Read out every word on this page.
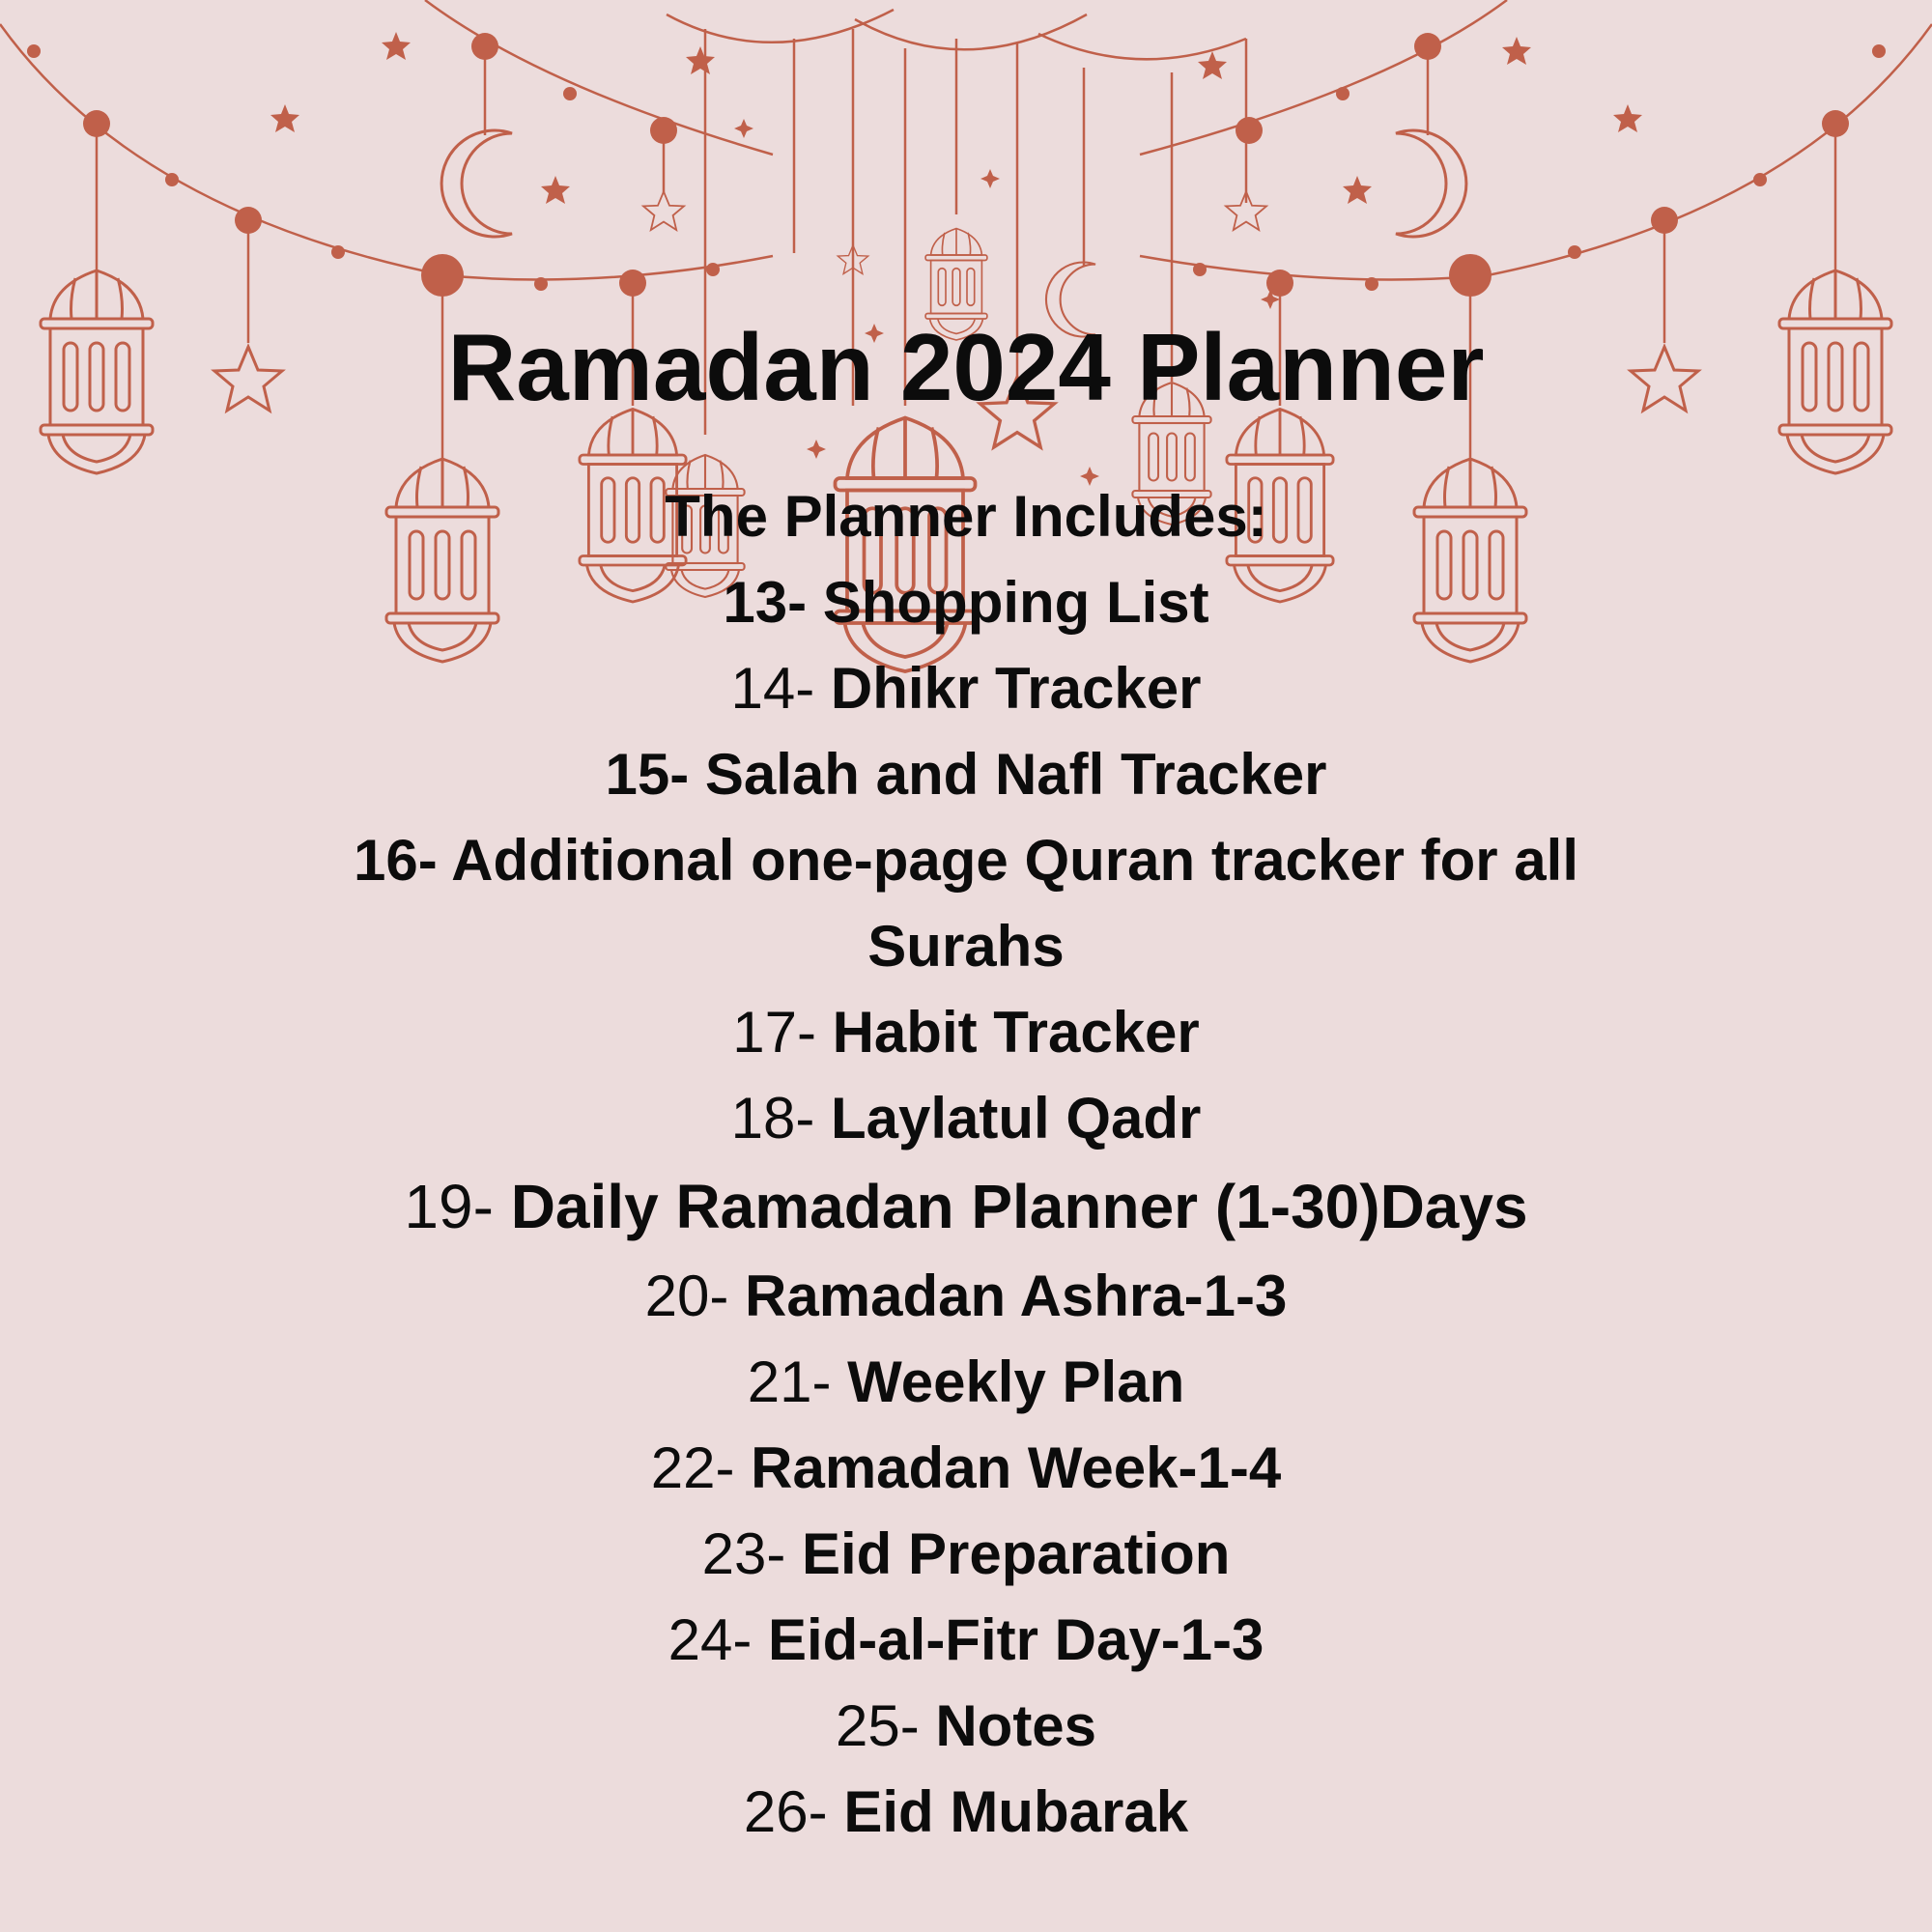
Ramadan 2024 Planner
The Planner Includes:
13- Shopping List
14- Dhikr Tracker
15- Salah and Nafl Tracker
16- Additional one-page Quran tracker for all Surahs
17- Habit Tracker
18- Laylatul Qadr
19- Daily Ramadan Planner (1-30)Days
20- Ramadan Ashra-1-3
21- Weekly Plan
22- Ramadan Week-1-4
23- Eid Preparation
24- Eid-al-Fitr Day-1-3
25- Notes
26- Eid Mubarak
